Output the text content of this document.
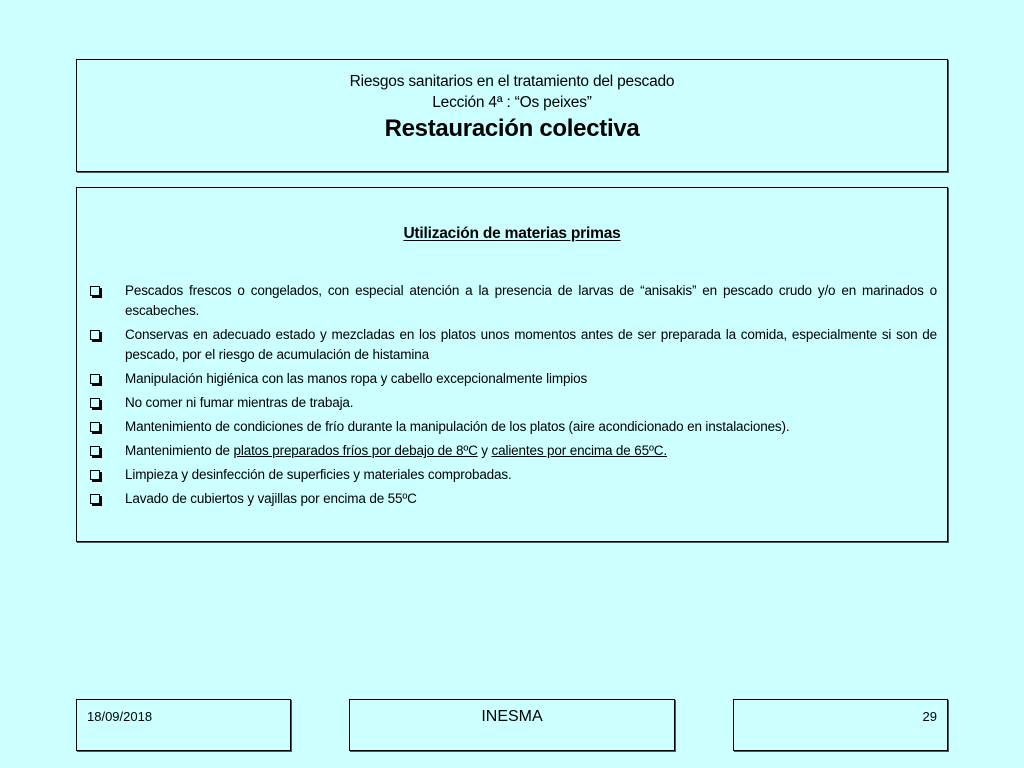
Riesgos sanitarios en el tratamiento del pescado
Lección 4ª : “Os peixes”
Restauración colectiva
Utilización de materias primas
Pescados frescos o congelados, con especial atención a la presencia de larvas de “anisakis” en pescado crudo y/o en marinados o escabeches.
Conservas en adecuado estado y mezcladas en los platos unos momentos antes de ser preparada la comida, especialmente si son de pescado, por el riesgo de acumulación de histamina
Manipulación higiénica con las manos ropa y cabello excepcionalmente limpios
No comer ni fumar mientras de trabaja.
Mantenimiento de condiciones de frío durante la manipulación de los platos (aire acondicionado en instalaciones).
Mantenimiento de platos preparados fríos por debajo de 8ºC y calientes por encima de 65ºC.
Limpieza y desinfección de superficies y materiales comprobadas.
Lavado de cubiertos y vajillas por encima de 55ºC
18/09/2018	INESMA	29
